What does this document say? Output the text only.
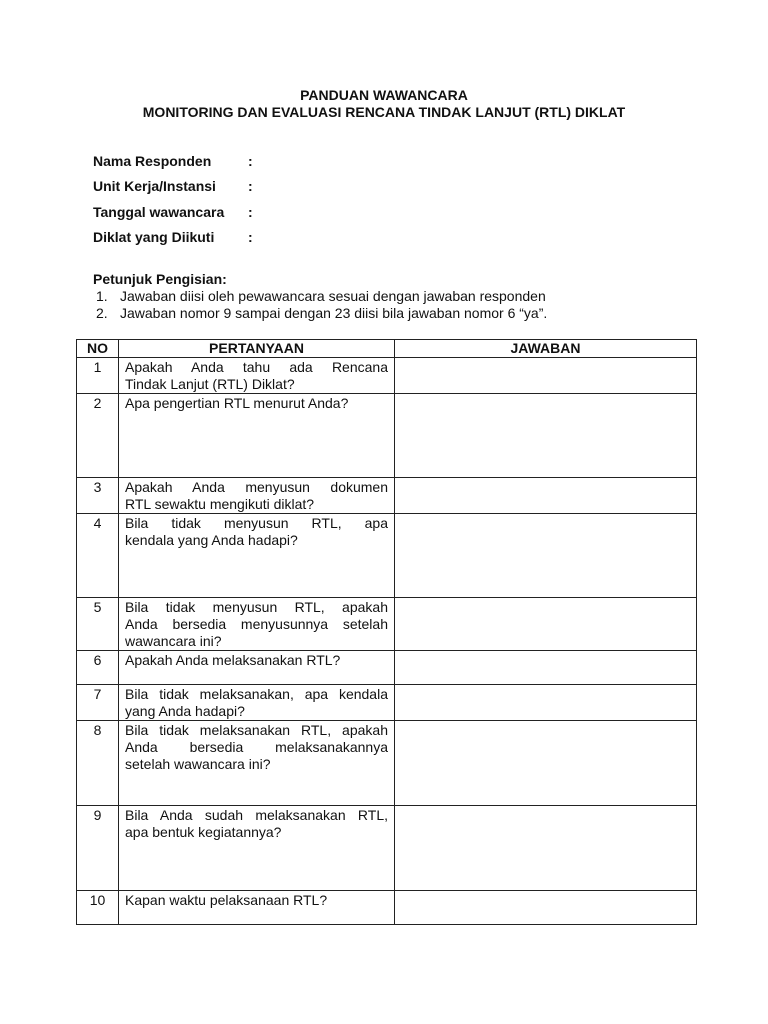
PANDUAN WAWANCARA
MONITORING DAN EVALUASI RENCANA TINDAK LANJUT (RTL) DIKLAT
Nama Responden	:
Unit Kerja/Instansi :
Tanggal wawancara :
Diklat yang Diikuti :
Petunjuk Pengisian:
1. Jawaban diisi oleh pewawancara sesuai dengan jawaban responden
2. Jawaban nomor 9 sampai dengan 23 diisi bila jawaban nomor 6 “ya”.
NO	PERTANYAAN	JAWABAN
1	Apakah Anda tahu ada Rencana
Tindak Lanjut (RTL) Diklat?	

2	Apa pengertian RTL menurut Anda?	

3	Apakah Anda menyusun dokumen
RTL sewaktu mengikuti diklat?	

4	Bila tidak menyusun RTL, apa
kendala yang Anda hadapi?	

5	Bila tidak menyusun RTL, apakah
Anda bersedia menyusunnya setelah
wawancara ini?	

6	Apakah Anda melaksanakan RTL?	

7	Bila tidak melaksanakan, apa kendala
yang Anda hadapi?	

8	Bila tidak melaksanakan RTL, apakah
Anda bersedia melaksanakannya
setelah wawancara ini?	

9	Bila Anda sudah melaksanakan RTL,
apa bentuk kegiatannya?	

10	Kapan waktu pelaksanaan RTL?	
